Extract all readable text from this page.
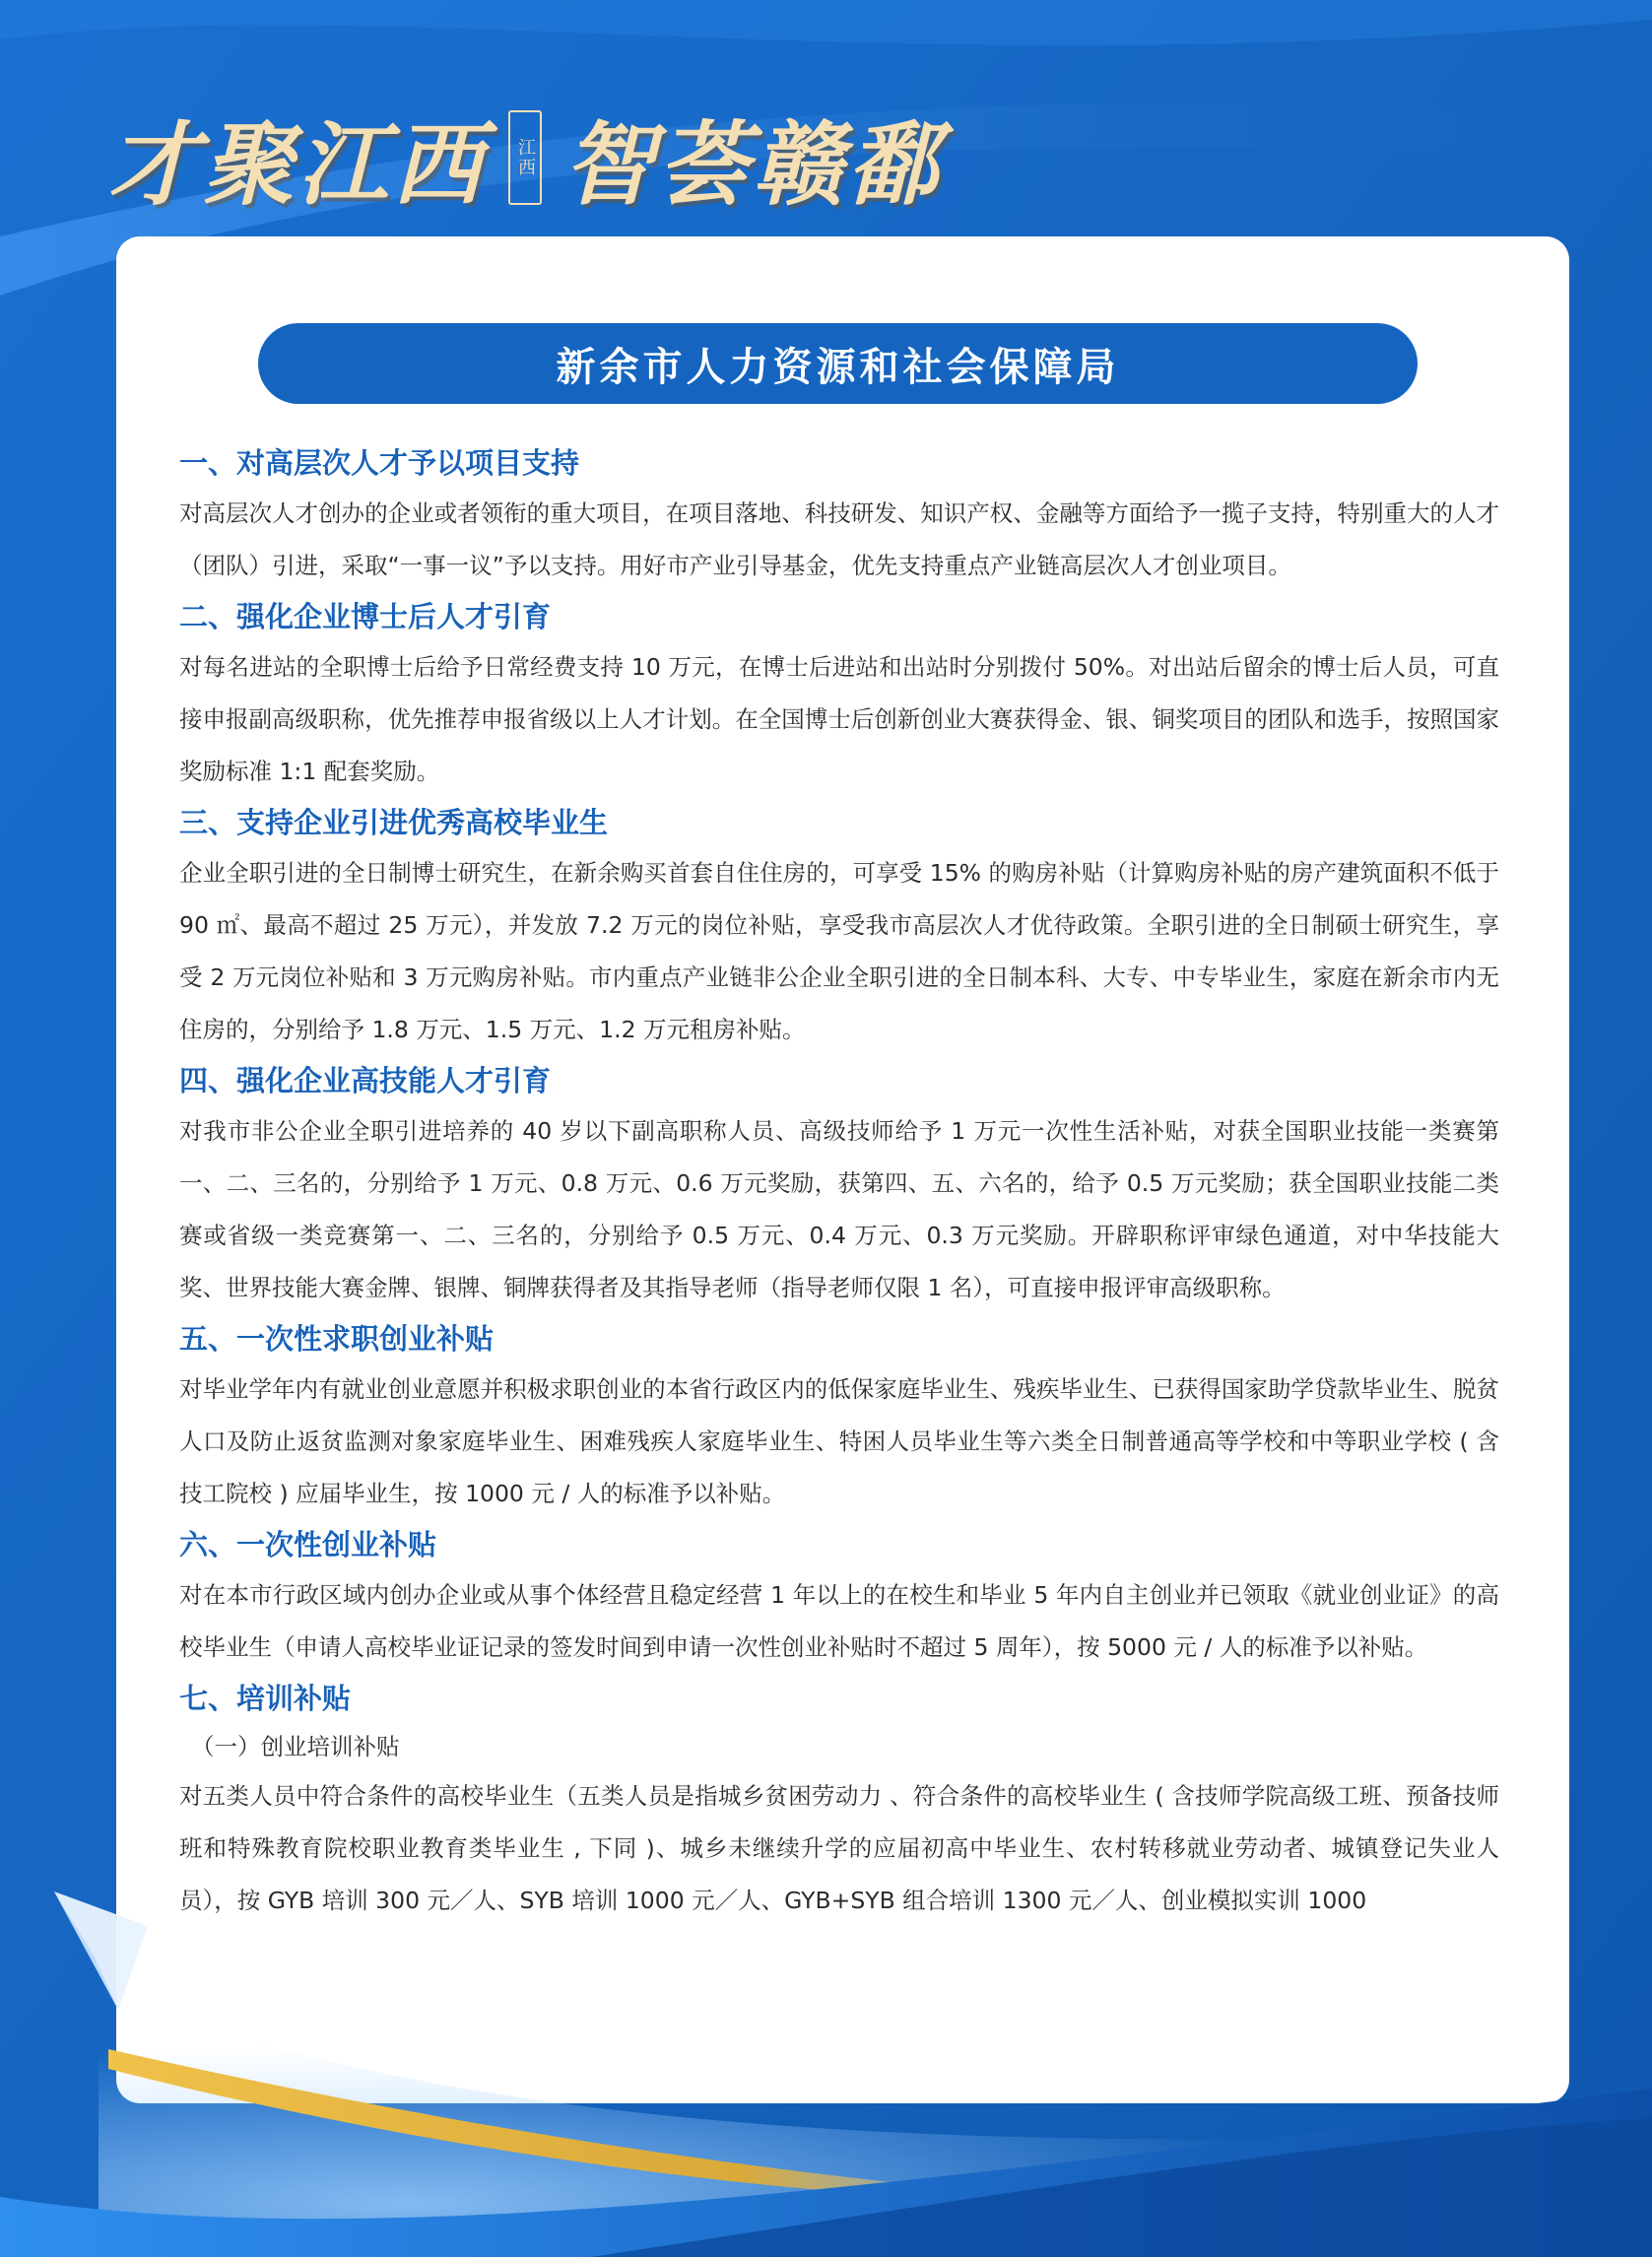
才聚江西	江西 智荟赣鄱
新余市人力资源和社会保障局
一、对高层次人才予以项目支持
对高层次人才创办的企业或者领衔的重大项目，在项目落地、科技研发、知识产权、金融等方面给予一揽子支持，特别重大的人才（团队）引进，采取“一事一议”予以支持。用好市产业引导基金，优先支持重点产业链高层次人才创业项目。
二、强化企业博士后人才引育
对每名进站的全职博士后给予日常经费支持 10 万元，在博士后进站和出站时分别拨付 50%。对出站后留余的博士后人员，可直接申报副高级职称，优先推荐申报省级以上人才计划。在全国博士后创新创业大赛获得金、银、铜奖项目的团队和选手，按照国家奖励标准 1:1 配套奖励。
三、支持企业引进优秀高校毕业生
企业全职引进的全日制博士研究生，在新余购买首套自住住房的，可享受 15% 的购房补贴（计算购房补贴的房产建筑面积不低于 90 ㎡、最高不超过 25 万元），并发放 7.2 万元的岗位补贴，享受我市高层次人才优待政策。全职引进的全日制硕士研究生，享受 2 万元岗位补贴和 3 万元购房补贴。市内重点产业链非公企业全职引进的全日制本科、大专、中专毕业生，家庭在新余市内无住房的，分别给予 1.8 万元、1.5 万元、1.2 万元租房补贴。
四、强化企业高技能人才引育
对我市非公企业全职引进培养的 40 岁以下副高职称人员、高级技师给予 1 万元一次性生活补贴，对获全国职业技能一类赛第一、二、三名的，分别给予 1 万元、0.8 万元、0.6 万元奖励，获第四、五、六名的，给予 0.5 万元奖励；获全国职业技能二类赛或省级一类竞赛第一、二、三名的，分别给予 0.5 万元、0.4 万元、0.3 万元奖励。开辟职称评审绿色通道，对中华技能大奖、世界技能大赛金牌、银牌、铜牌获得者及其指导老师（指导老师仅限 1 名），可直接申报评审高级职称。
五、一次性求职创业补贴
对毕业学年内有就业创业意愿并积极求职创业的本省行政区内的低保家庭毕业生、残疾毕业生、已获得国家助学贷款毕业生、脱贫人口及防止返贫监测对象家庭毕业生、困难残疾人家庭毕业生、特困人员毕业生等六类全日制普通高等学校和中等职业学校 ( 含技工院校 ) 应届毕业生，按 1000 元 / 人的标准予以补贴。
六、一次性创业补贴
对在本市行政区域内创办企业或从事个体经营且稳定经营 1 年以上的在校生和毕业 5 年内自主创业并已领取《就业创业证》的高校毕业生（申请人高校毕业证记录的签发时间到申请一次性创业补贴时不超过 5 周年），按 5000 元 / 人的标准予以补贴。
七、培训补贴
（一）创业培训补贴
对五类人员中符合条件的高校毕业生（五类人员是指城乡贫困劳动力 、符合条件的高校毕业生 ( 含技师学院高级工班、预备技师班和特殊教育院校职业教育类毕业生 , 下同 )、城乡未继续升学的应届初高中毕业生、农村转移就业劳动者、城镇登记失业人员），按 GYB 培训 300 元／人、SYB 培训 1000 元／人、GYB+SYB 组合培训 1300 元／人、创业模拟实训 1000
